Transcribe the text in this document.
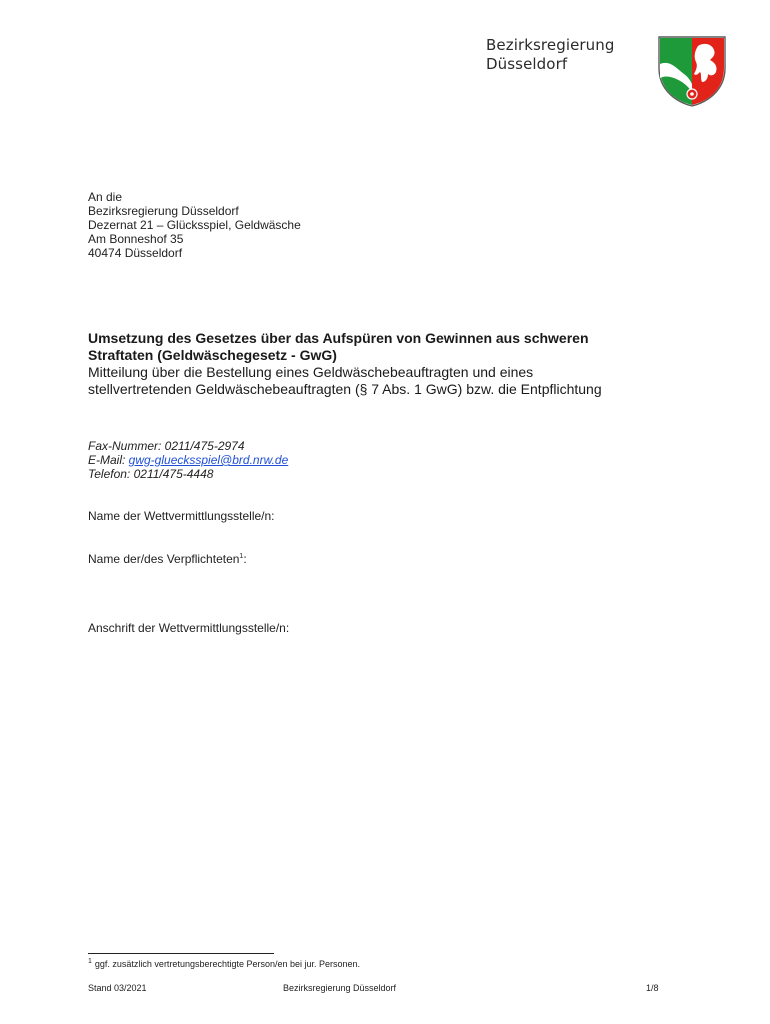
Bezirksregierung
Düsseldorf
An die
Bezirksregierung Düsseldorf
Dezernat 21 – Glücksspiel, Geldwäsche
Am Bonneshof 35
40474 Düsseldorf
Umsetzung des Gesetzes über das Aufspüren von Gewinnen aus schweren
Straftaten (Geldwäschegesetz - GwG)
Mitteilung über die Bestellung eines Geldwäschebeauftragten und eines
stellvertretenden Geldwäschebeauftragten (§ 7 Abs. 1 GwG) bzw. die Entpflichtung
Fax-Nummer: 0211/475-2974
E-Mail: gwg-gluecksspiel@brd.nrw.de
Telefon: 0211/475-4448
Name der Wettvermittlungsstelle/n:
Name der/des Verpflichteten$^1$:
Anschrift der Wettvermittlungsstelle/n:
$^1$ ggf. zusätzlich vertretungsberechtigte Person/en bei jur. Personen.
Stand 03/2021	Bezirksregierung Düsseldorf	1/8
